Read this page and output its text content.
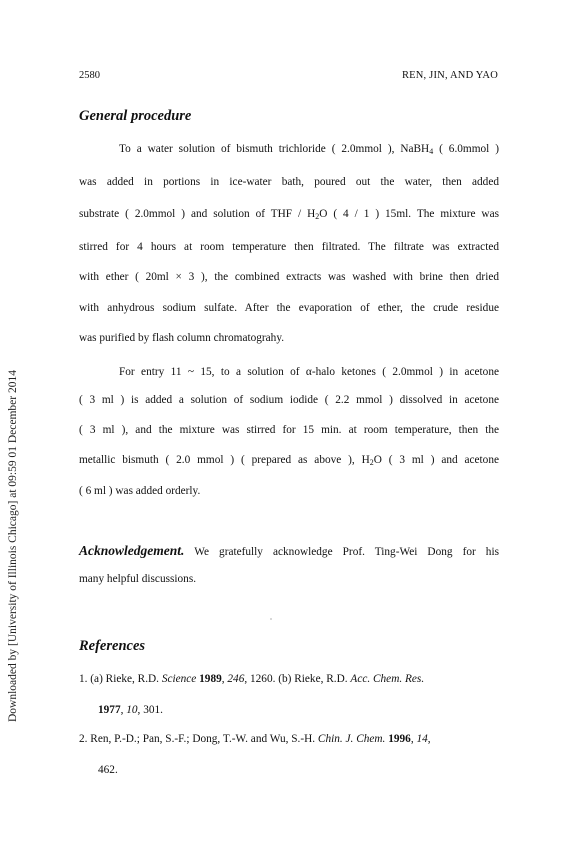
2580	REN, JIN, AND YAO
Downloaded by [University of Illinois Chicago] at 09:59 01 December 2014
General procedure
To a water solution of bismuth trichloride ( 2.0mmol ), NaBH$_4$ ( 6.0mmol )
was added in portions in ice-water bath, poured out the water, then added
substrate ( 2.0mmol ) and solution of THF / $H_2O$ ( 4 / 1 ) 15ml. The mixture was
stirred for 4 hours at room temperature then filtrated. The filtrate was extracted
with ether ( 20ml × 3 ), the combined extracts was washed with brine then dried
with anhydrous sodium sulfate. After the evaporation of ether, the crude residue
was purified by flash column chromatograhy.
For entry 11 ~ 15, to a solution of α-halo ketones ( 2.0mmol ) in acetone
( 3 ml ) is added a solution of sodium iodide ( 2.2 mmol ) dissolved in acetone
( 3 ml ), and the mixture was stirred for 15 min. at room temperature, then the
metallic bismuth ( 2.0 mmol ) ( prepared as above ), $H_2O$ ( 3 ml ) and acetone
( 6 ml ) was added orderly.
Acknowledgement. We gratefully acknowledge Prof. Ting-Wei Dong for his
many helpful discussions.
References
1. (a) Rieke, R.D. Science 1989, 246, 1260. (b) Rieke, R.D. Acc. Chem. Res.
1977, 10, 301.
2. Ren, P.-D.; Pan, S.-F.; Dong, T.-W. and Wu, S.-H. Chin. J. Chem. 1996, 14,
462.
